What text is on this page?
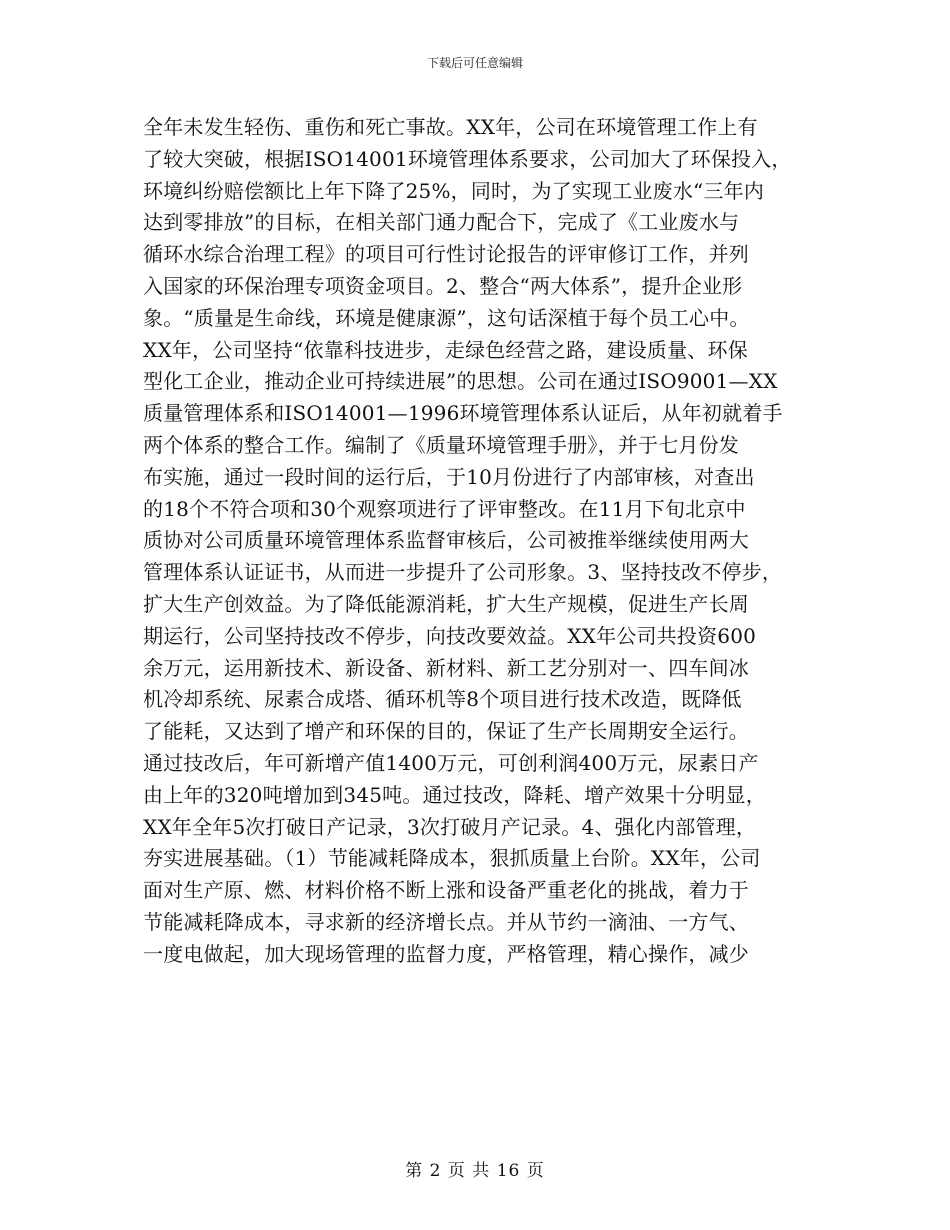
下载后可任意编辑
全年未发生轻伤、重伤和死亡事故。XX年，公司在环境管理工作上有
了较大突破，根据ISO14001环境管理体系要求，公司加大了环保投入，
环境纠纷赔偿额比上年下降了25%，同时，为了实现工业废水“三年内
达到零排放”的目标，在相关部门通力配合下，完成了《工业废水与
循环水综合治理工程》的项目可行性讨论报告的评审修订工作，并列
入国家的环保治理专项资金项目。2、整合“两大体系”，提升企业形
象。“质量是生命线，环境是健康源”，这句话深植于每个员工心中。
XX年，公司坚持“依靠科技进步，走绿色经营之路，建设质量、环保
型化工企业，推动企业可持续进展”的思想。公司在通过ISO9001—XX
质量管理体系和ISO14001—1996环境管理体系认证后，从年初就着手
两个体系的整合工作。编制了《质量环境管理手册》，并于七月份发
布实施，通过一段时间的运行后，于10月份进行了内部审核，对查出
的18个不符合项和30个观察项进行了评审整改。在11月下旬北京中
质协对公司质量环境管理体系监督审核后，公司被推举继续使用两大
管理体系认证证书，从而进一步提升了公司形象。3、坚持技改不停步，
扩大生产创效益。为了降低能源消耗，扩大生产规模，促进生产长周
期运行，公司坚持技改不停步，向技改要效益。XX年公司共投资600
余万元，运用新技术、新设备、新材料、新工艺分别对一、四车间冰
机冷却系统、尿素合成塔、循环机等8个项目进行技术改造，既降低
了能耗，又达到了增产和环保的目的，保证了生产长周期安全运行。
通过技改后，年可新增产值1400万元，可创利润400万元，尿素日产
由上年的320吨增加到345吨。通过技改，降耗、增产效果十分明显，
XX年全年5次打破日产记录，3次打破月产记录。4、强化内部管理，
夯实进展基础。（1）节能减耗降成本，狠抓质量上台阶。XX年，公司
面对生产原、燃、材料价格不断上涨和设备严重老化的挑战，着力于
节能减耗降成本，寻求新的经济增长点。并从节约一滴油、一方气、
一度电做起，加大现场管理的监督力度，严格管理，精心操作，减少
第 2 页 共 16 页
